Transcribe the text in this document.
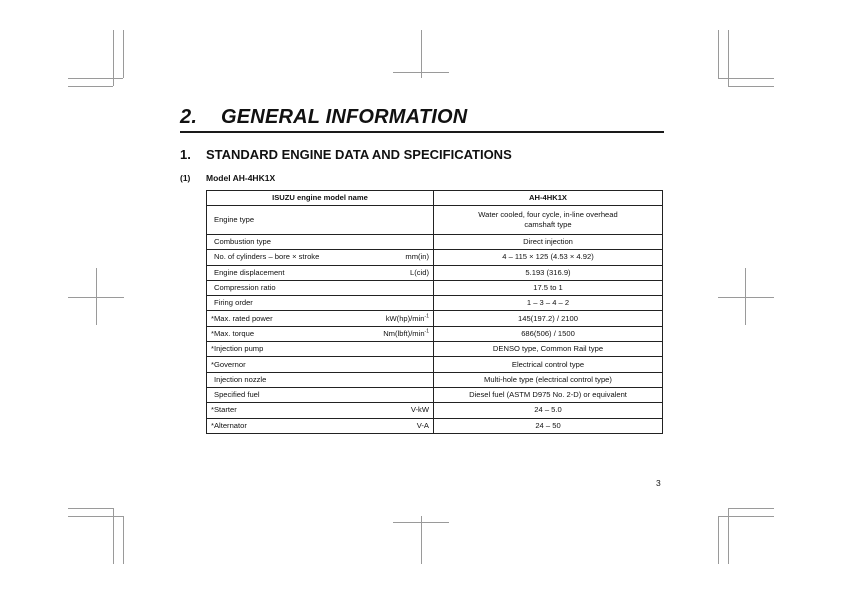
2. GENERAL INFORMATION
1. STANDARD ENGINE DATA AND SPECIFICATIONS
(1) Model AH-4HK1X
ISUZU engine model name	AH-4HK1X

Engine type	Water cooled, four cycle, in-line overhead
camshaft type

Combustion type	Direct injection

No. of cylinders – bore × stroke mm(in)	4 – 115 × 125 (4.53 × 4.92)

Engine displacement L(cid)	5.193 (316.9)

Compression ratio	17.5 to 1

Firing order	1 – 3 – 4 – 2

*Max. rated power $kW(hp)/\min^{-1}$	145(197.2) / 2100

*Max. torque $Nm(lbft)/\min^{-1}$	686(506) / 1500

*Injection pump	DENSO type, Common Rail type

*Governor	Electrical control type

Injection nozzle	Multi-hole type (electrical control type)

Specified fuel	Diesel fuel (ASTM D975 No. 2-D) or equivalent

*Starter V-kW	24 – 5.0

*Alternator V-A	24 – 50
3
